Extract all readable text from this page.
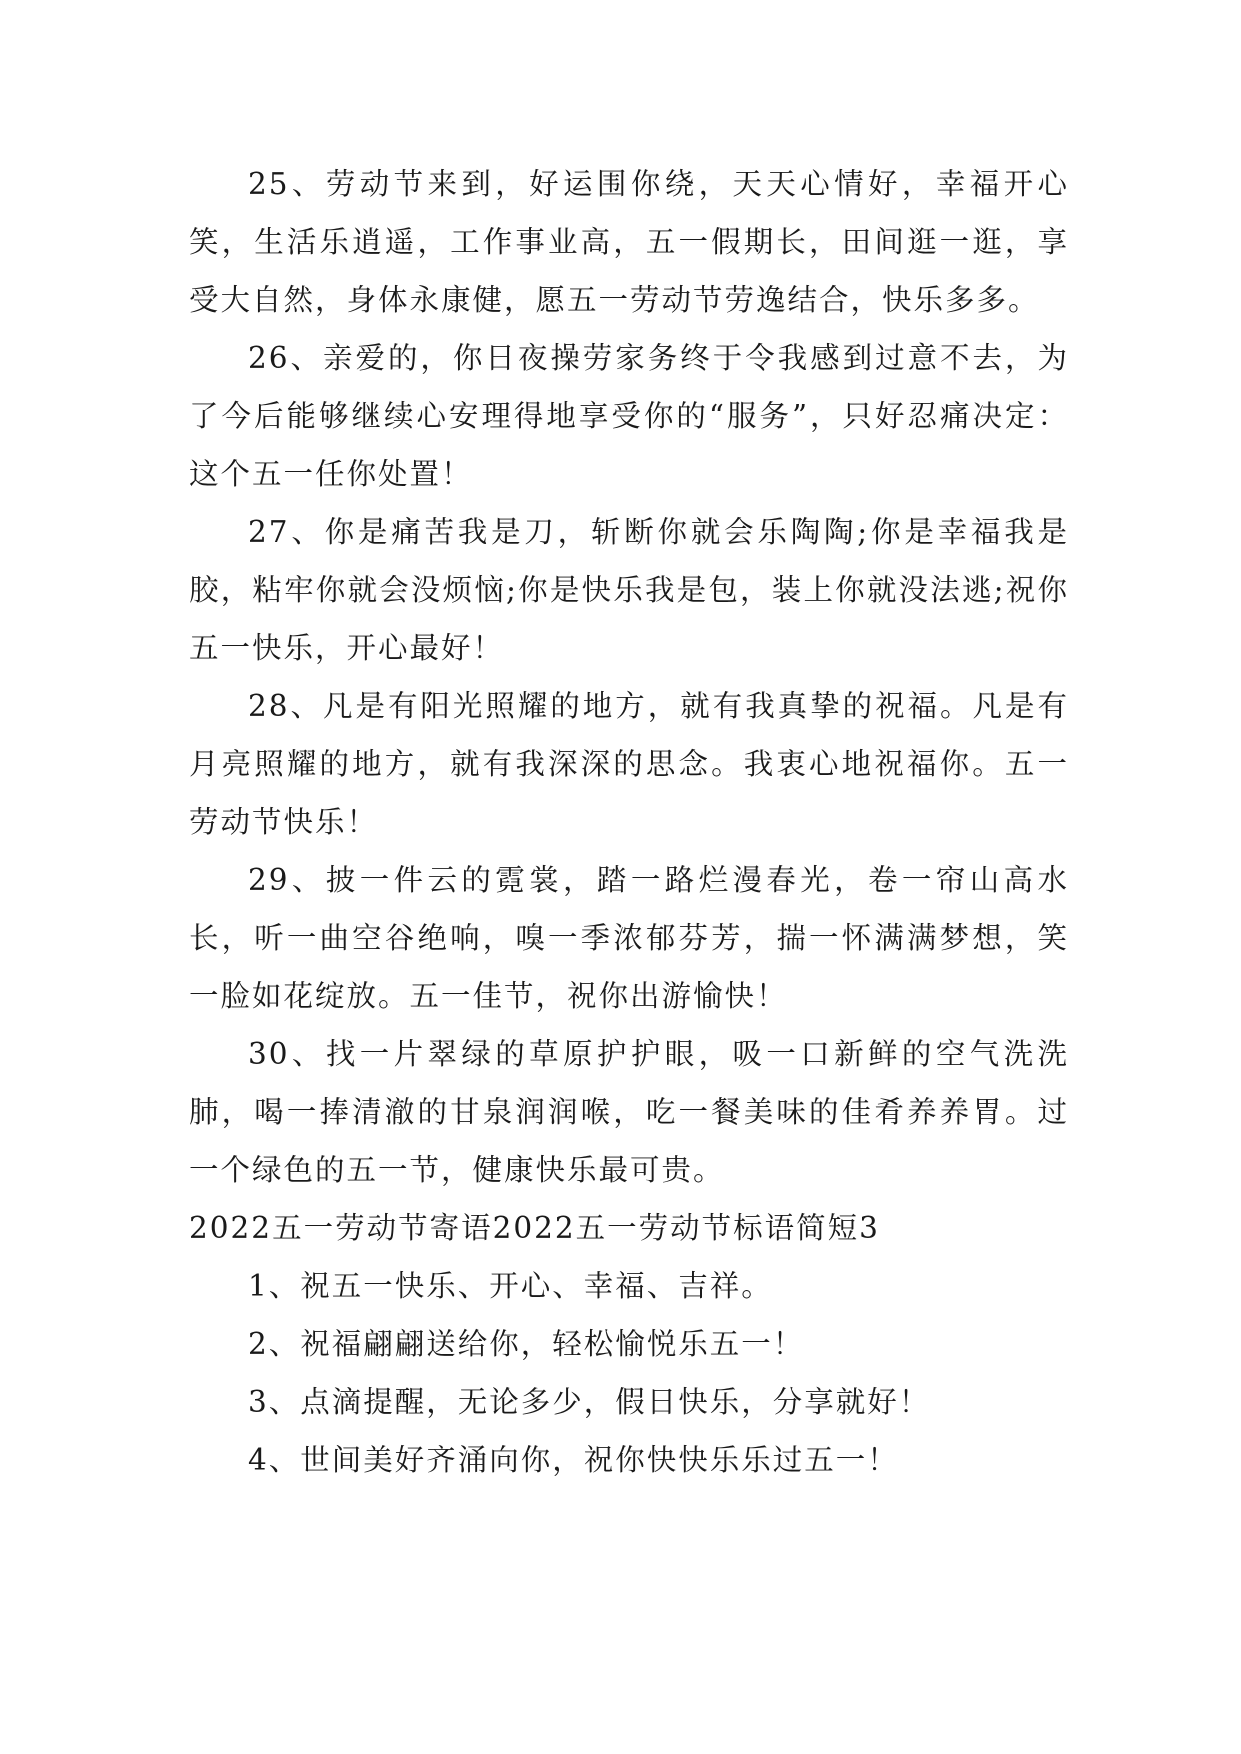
25、劳动节来到，好运围你绕，天天心情好，幸福开心笑，生活乐逍遥，工作事业高，五一假期长，田间逛一逛，享受大自然，身体永康健，愿五一劳动节劳逸结合，快乐多多。

26、亲爱的，你日夜操劳家务终于令我感到过意不去，为了今后能够继续心安理得地享受你的“服务”，只好忍痛决定：这个五一任你处置！

27、你是痛苦我是刀，斩断你就会乐陶陶;你是幸福我是胶，粘牢你就会没烦恼;你是快乐我是包，装上你就没法逃;祝你五一快乐，开心最好！

28、凡是有阳光照耀的地方，就有我真挚的祝福。凡是有月亮照耀的地方，就有我深深的思念。我衷心地祝福你。五一劳动节快乐！

29、披一件云的霓裳，踏一路烂漫春光，卷一帘山高水长，听一曲空谷绝响，嗅一季浓郁芬芳，揣一怀满满梦想，笑一脸如花绽放。五一佳节，祝你出游愉快！

30、找一片翠绿的草原护护眼，吸一口新鲜的空气洗洗肺，喝一捧清澈的甘泉润润喉，吃一餐美味的佳肴养养胃。过一个绿色的五一节，健康快乐最可贵。

2022五一劳动节寄语2022五一劳动节标语简短3

1、祝五一快乐、开心、幸福、吉祥。

2、祝福翩翩送给你，轻松愉悦乐五一！

3、点滴提醒，无论多少，假日快乐，分享就好！

4、世间美好齐涌向你，祝你快快乐乐过五一！
